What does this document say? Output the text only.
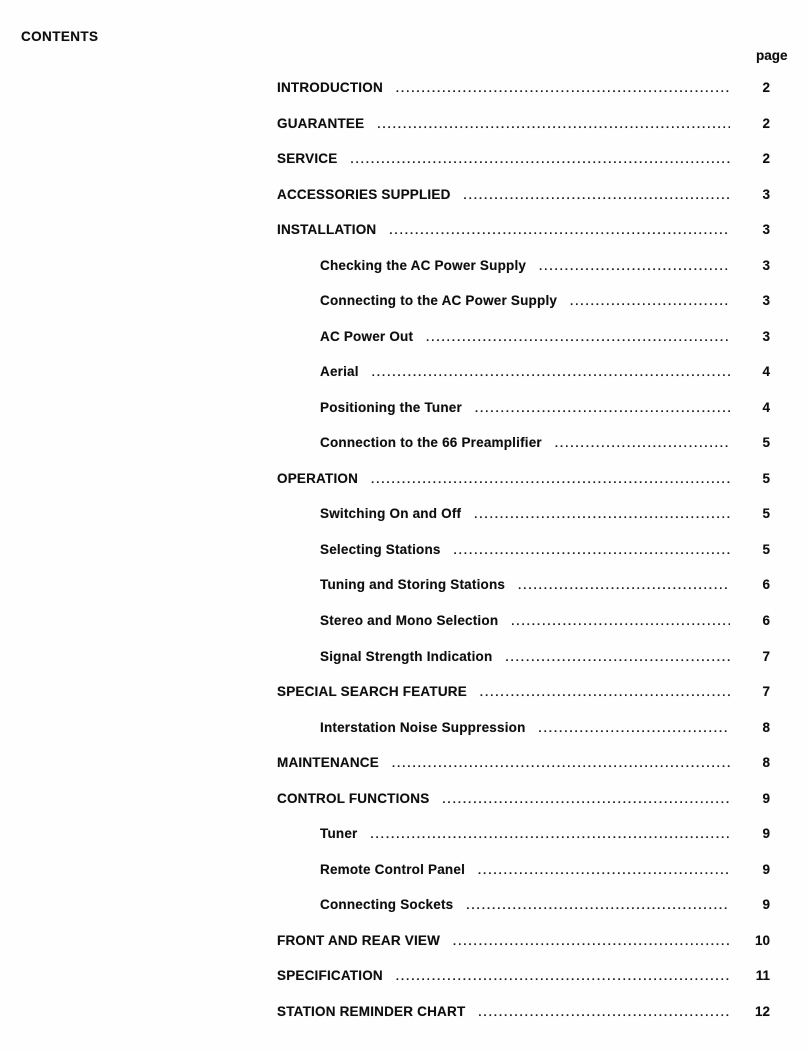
CONTENTS
page
INTRODUCTION .....	2
GUARANTEE .....	2
SERVICE .....	2
ACCESSORIES SUPPLIED .....	3
INSTALLATION .....	3
Checking the AC Power Supply .....	3
Connecting to the AC Power Supply .....	3
AC Power Out .....	3
Aerial .....	4
Positioning the Tuner .....	4
Connection to the 66 Preamplifier .....	5
OPERATION .....	5
Switching On and Off .....	5
Selecting Stations .....	5
Tuning and Storing Stations .....	6
Stereo and Mono Selection .....	6
Signal Strength Indication .....	7
SPECIAL SEARCH FEATURE .....	7
Interstation Noise Suppression .....	8
MAINTENANCE .....	8
CONTROL FUNCTIONS .....	9
Tuner .....	9
Remote Control Panel .....	9
Connecting Sockets .....	9
FRONT AND REAR VIEW .....	10
SPECIFICATION .....	11
STATION REMINDER CHART .....	12
